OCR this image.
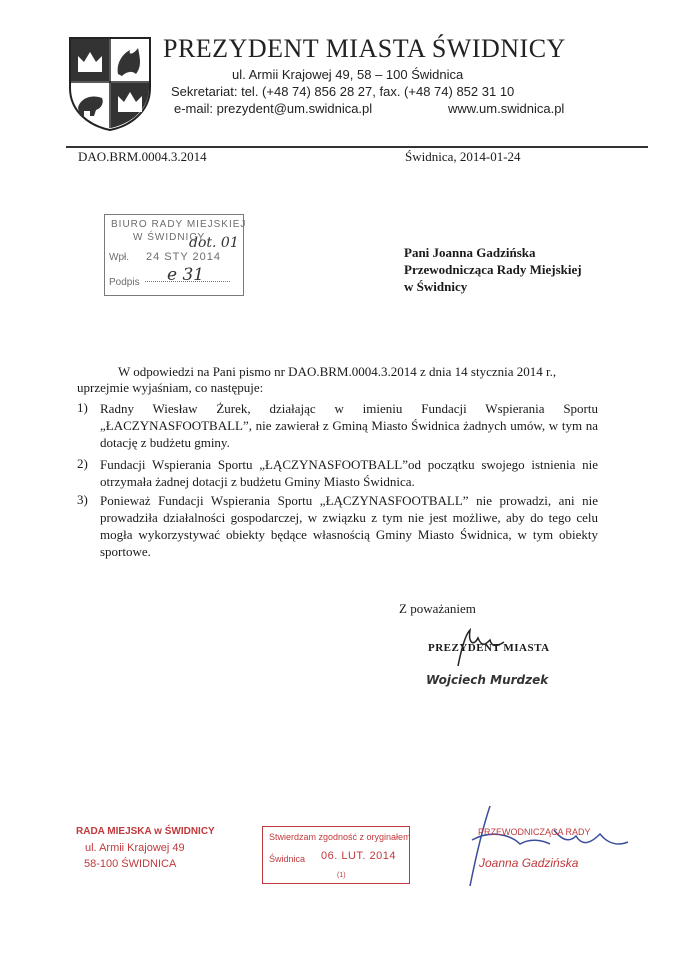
PREZYDENT MIASTA ŚWIDNICY
ul. Armii Krajowej 49, 58 – 100 Świdnica
Sekretariat: tel. (+48 74) 856 28 27, fax. (+48 74) 852 31 10
e-mail: prezydent@um.swidnica.pl	www.um.swidnica.pl
DAO.BRM.0004.3.2014	Świdnica, 2014-01-24
BIURO RADY MIEJSKIEJ
W ŚWIDNICY
Wpł. 24 STY 2014
Podpis
dot. 01
e 31
Pani Joanna Gadzińska
Przewodnicząca Rady Miejskiej
w Świdnicy
W odpowiedzi na Pani pismo nr DAO.BRM.0004.3.2014 z dnia 14 stycznia 2014 r.,
uprzejmie wyjaśniam, co następuje:
1) Radny Wiesław Żurek, działając w imieniu Fundacji Wspierania Sportu „ŁACZYNASFOOTBALL”, nie zawierał z Gminą Miasto Świdnica żadnych umów, w tym na dotację z budżetu gminy.
2) Fundacji Wspierania Sportu „ŁĄCZYNASFOOTBALL”od początku swojego istnienia nie otrzymała żadnej dotacji z budżetu Gminy Miasto Świdnica.
3) Ponieważ Fundacji Wspierania Sportu „ŁĄCZYNASFOOTBALL” nie prowadzi, ani nie prowadziła działalności gospodarczej, w związku z tym nie jest możliwe, aby do tego celu mogła wykorzystywać obiekty będące własnością Gminy Miasto Świdnica, w tym obiekty sportowe.
Z poważaniem
PREZYDENT MIASTA
Wojciech Murdzek
RADA MIEJSKA w ŚWIDNICY
ul. Armii Krajowej 49
58-100 ŚWIDNICA
Stwierdzam zgodność z oryginałem
Świdnica 06. LUT. 2014
(1)
PRZEWODNICZĄCA RADY
Joanna Gadzińska
